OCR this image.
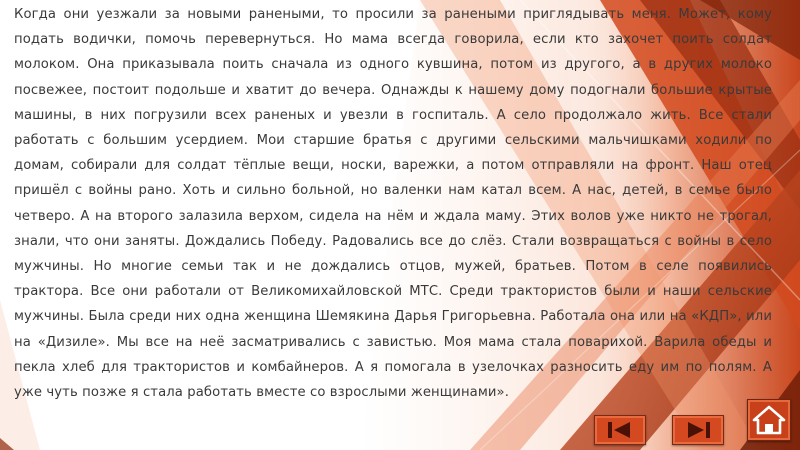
Когда они уезжали за новыми ранеными, то просили за ранеными приглядывать меня. Может, кому подать водички, помочь перевернуться. Но мама всегда говорила, если кто захочет поить солдат молоком. Она приказывала поить сначала из одного кувшина, потом из другого, а в других молоко посвежее, постоит подольше и хватит до вечера. Однажды к нашему дому подогнали большие крытые машины, в них погрузили всех раненых и увезли в госпиталь. А село продолжало жить. Все стали работать с большим усердием. Мои старшие братья с другими сельскими мальчишками ходили по домам, собирали для солдат тёплые вещи, носки, варежки, а потом отправляли на фронт. Наш отец пришёл с войны рано. Хоть и сильно больной, но валенки нам катал всем. А нас, детей, в семье было четверо. А на второго залазила верхом, сидела на нём и ждала маму. Этих волов уже никто не трогал, знали, что они заняты. Дождались Победу. Радовались все до слёз. Стали возвращаться с войны в село мужчины. Но многие семьи так и не дождались отцов, мужей, братьев. Потом в селе появились трактора. Все они работали от Великомихайловской МТС. Среди трактористов были и наши сельские мужчины. Была среди них одна женщина Шемякина Дарья Григорьевна. Работала она или на «КДП», или на «Дизиле». Мы все на неё засматривались с завистью. Моя мама стала поварихой. Варила обеды и пекла хлеб для трактористов и комбайнеров. А я помогала в узелочках разносить еду им по полям. А уже чуть позже я стала работать вместе со взрослыми женщинами».
